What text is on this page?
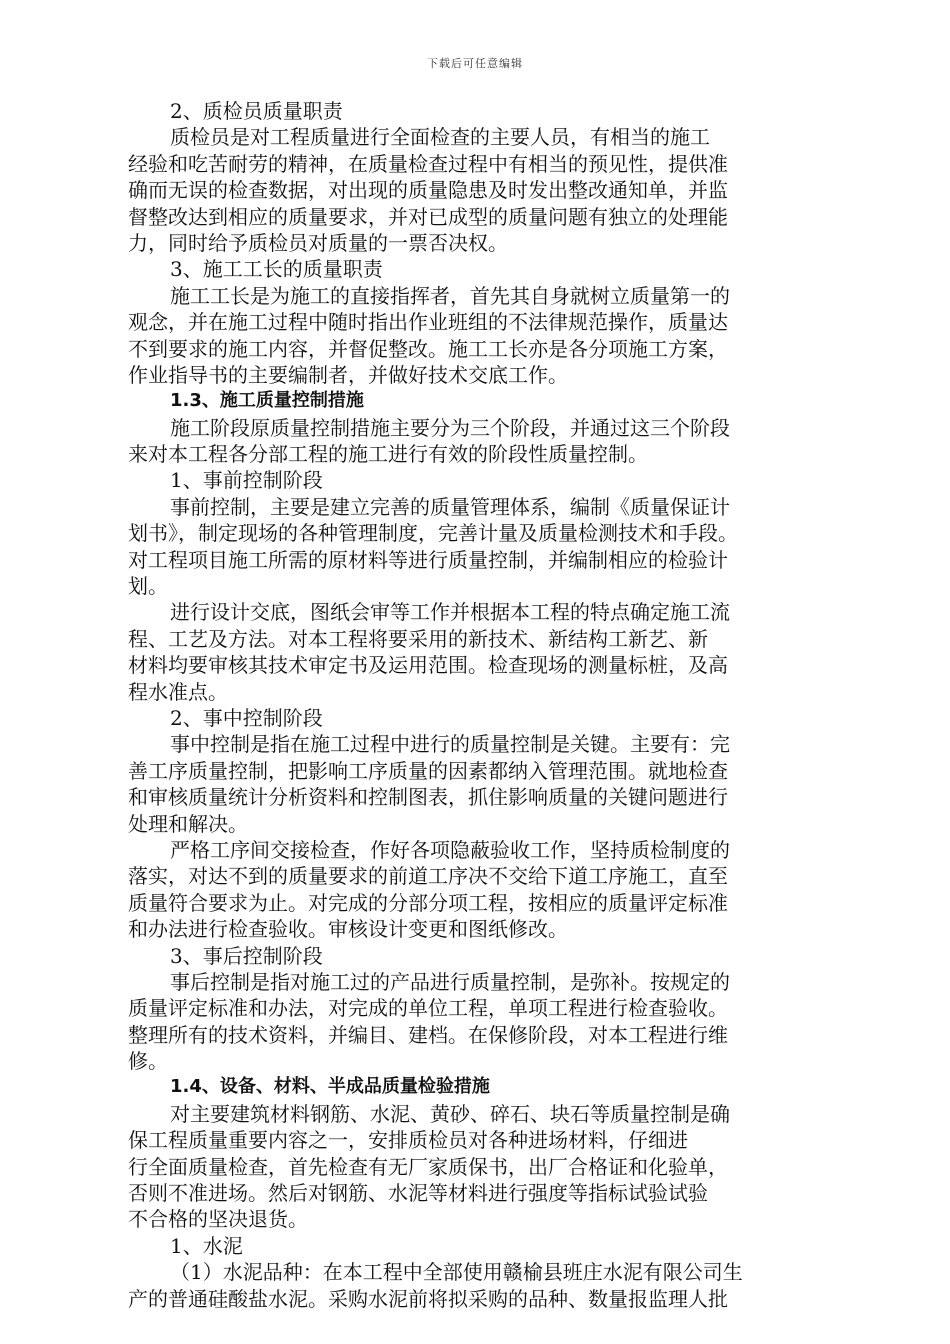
下载后可任意编辑
2、质检员质量职责
质检员是对工程质量进行全面检查的主要人员，有相当的施工
经验和吃苦耐劳的精神，在质量检查过程中有相当的预见性，提供准
确而无误的检查数据，对出现的质量隐患及时发出整改通知单，并监
督整改达到相应的质量要求，并对已成型的质量问题有独立的处理能
力，同时给予质检员对质量的一票否决权。
3、施工工长的质量职责
施工工长是为施工的直接指挥者，首先其自身就树立质量第一的
观念，并在施工过程中随时指出作业班组的不法律规范操作，质量达
不到要求的施工内容，并督促整改。施工工长亦是各分项施工方案，
作业指导书的主要编制者，并做好技术交底工作。
1.3、施工质量控制措施
施工阶段原质量控制措施主要分为三个阶段，并通过这三个阶段
来对本工程各分部工程的施工进行有效的阶段性质量控制。
1、事前控制阶段
事前控制，主要是建立完善的质量管理体系，编制《质量保证计
划书》，制定现场的各种管理制度，完善计量及质量检测技术和手段。
对工程项目施工所需的原材料等进行质量控制，并编制相应的检验计
划。
进行设计交底，图纸会审等工作并根据本工程的特点确定施工流
程、工艺及方法。对本工程将要采用的新技术、新结构工新艺、新
材料均要审核其技术审定书及运用范围。检查现场的测量标桩，及高
程水准点。
2、事中控制阶段
事中控制是指在施工过程中进行的质量控制是关键。主要有：完
善工序质量控制，把影响工序质量的因素都纳入管理范围。就地检查
和审核质量统计分析资料和控制图表，抓住影响质量的关键问题进行
处理和解决。
严格工序间交接检查，作好各项隐蔽验收工作，坚持质检制度的
落实，对达不到的质量要求的前道工序决不交给下道工序施工，直至
质量符合要求为止。对完成的分部分项工程，按相应的质量评定标准
和办法进行检查验收。审核设计变更和图纸修改。
3、事后控制阶段
事后控制是指对施工过的产品进行质量控制，是弥补。按规定的
质量评定标准和办法，对完成的单位工程，单项工程进行检查验收。
整理所有的技术资料，并编目、建档。在保修阶段，对本工程进行维
修。
1.4、设备、材料、半成品质量检验措施
对主要建筑材料钢筋、水泥、黄砂、碎石、块石等质量控制是确
保工程质量重要内容之一，安排质检员对各种进场材料，仔细进
行全面质量检查，首先检查有无厂家质保书，出厂合格证和化验单，
否则不准进场。然后对钢筋、水泥等材料进行强度等指标试验试验
不合格的坚决退货。
1、水泥
（1）水泥品种：在本工程中全部使用赣榆县班庄水泥有限公司生
产的普通硅酸盐水泥。采购水泥前将拟采购的品种、数量报监理人批
